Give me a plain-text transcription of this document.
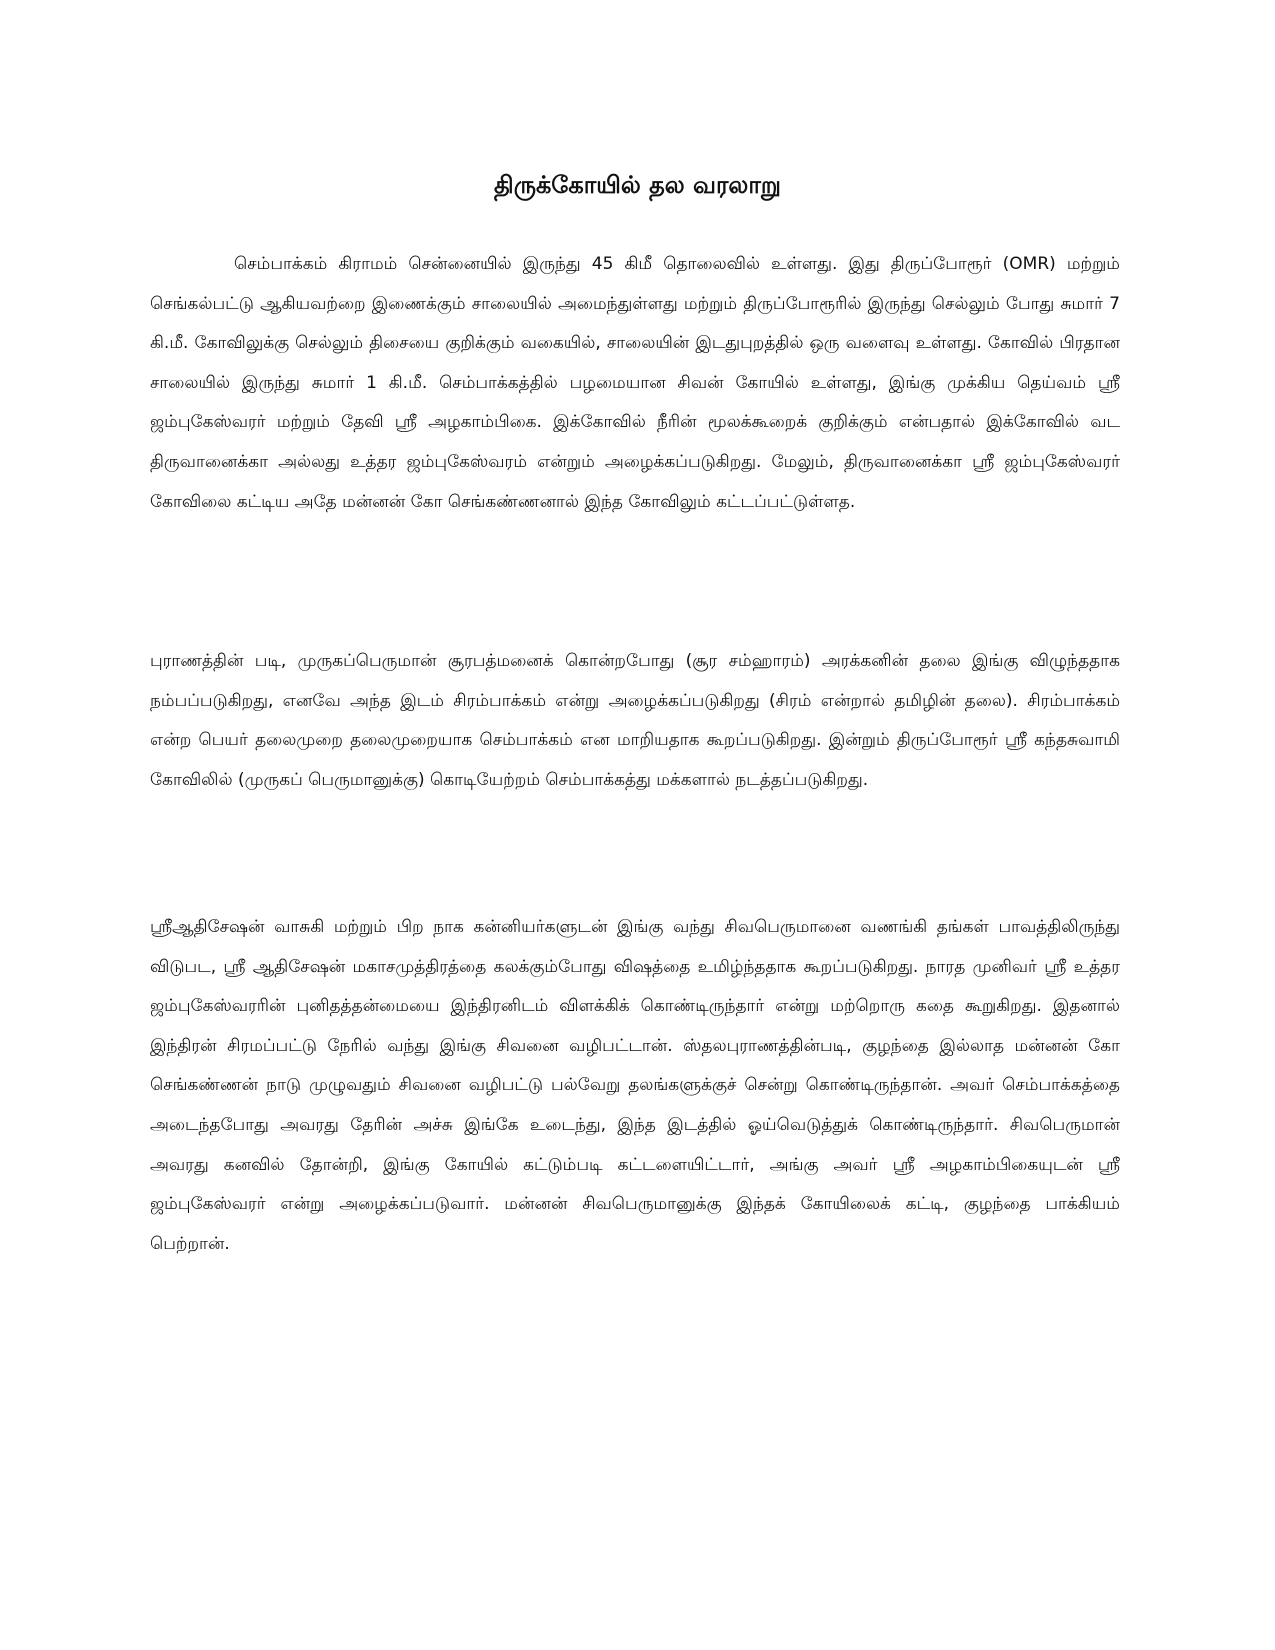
திருக்கோயில் தல வரலாறு

செம்பாக்கம் கிராமம் சென்னையில் இருந்து 45 கிமீ தொலைவில் உள்ளது. இது திருப்போரூர் (OMR) மற்றும் செங்கல்பட்டு ஆகியவற்றை இணைக்கும் சாலையில் அமைந்துள்ளது மற்றும் திருப்போரூரில் இருந்து செல்லும் போது சுமார் 7 கி.மீ. கோவிலுக்கு செல்லும் திசையை குறிக்கும் வகையில், சாலையின் இடதுபுறத்தில் ஒரு வளைவு உள்ளது. கோவில் பிரதான சாலையில் இருந்து சுமார் 1 கி.மீ. செம்பாக்கத்தில் பழமையான சிவன் கோயில் உள்ளது, இங்கு முக்கிய தெய்வம் ஸ்ரீ ஜம்புகேஸ்வரர் மற்றும் தேவி ஸ்ரீ அழகாம்பிகை. இக்கோவில் நீரின் மூலக்கூறைக் குறிக்கும் என்பதால் இக்கோவில் வட திருவானைக்கா அல்லது உத்தர ஜம்புகேஸ்வரம் என்றும் அழைக்கப்படுகிறது. மேலும், திருவானைக்கா ஸ்ரீ ஜம்புகேஸ்வரர் கோவிலை கட்டிய அதே மன்னன் கோ செங்கண்ணனால் இந்த கோவிலும் கட்டப்பட்டுள்ளத.

புராணத்தின் படி, முருகப்பெருமான் சூரபத்மனைக் கொன்றபோது (சூர சம்ஹாரம்) அரக்கனின் தலை இங்கு விழுந்ததாக நம்பப்படுகிறது, எனவே அந்த இடம் சிரம்பாக்கம் என்று அழைக்கப்படுகிறது (சிரம் என்றால் தமிழின் தலை). சிரம்பாக்கம் என்ற பெயர் தலைமுறை தலைமுறையாக செம்பாக்கம் என மாறியதாக கூறப்படுகிறது. இன்றும் திருப்போரூர் ஸ்ரீ கந்தசுவாமி கோவிலில் (முருகப் பெருமானுக்கு) கொடியேற்றம் செம்பாக்கத்து மக்களால் நடத்தப்படுகிறது.

ஸ்ரீஆதிசேஷன் வாசுகி மற்றும் பிற நாக கன்னியர்களுடன் இங்கு வந்து சிவபெருமானை வணங்கி தங்கள் பாவத்திலிருந்து விடுபட, ஸ்ரீ ஆதிசேஷன் மகாசமுத்திரத்தை கலக்கும்போது விஷத்தை உமிழ்ந்ததாக கூறப்படுகிறது. நாரத முனிவர் ஸ்ரீ உத்தர ஜம்புகேஸ்வரரின் புனிதத்தன்மையை இந்திரனிடம் விளக்கிக் கொண்டிருந்தார் என்று மற்றொரு கதை கூறுகிறது. இதனால் இந்திரன் சிரமப்பட்டு நேரில் வந்து இங்கு சிவனை வழிபட்டான். ஸ்தலபுராணத்தின்படி, குழந்தை இல்லாத மன்னன் கோ செங்கண்ணன் நாடு முழுவதும் சிவனை வழிபட்டு பல்வேறு தலங்களுக்குச் சென்று கொண்டிருந்தான். அவர் செம்பாக்கத்தை அடைந்தபோது அவரது தேரின் அச்சு இங்கே உடைந்து, இந்த இடத்தில் ஓய்வெடுத்துக் கொண்டிருந்தார். சிவபெருமான் அவரது கனவில் தோன்றி, இங்கு கோயில் கட்டும்படி கட்டளையிட்டார், அங்கு அவர் ஸ்ரீ அழகாம்பிகையுடன் ஸ்ரீ ஜம்புகேஸ்வரர் என்று அழைக்கப்படுவார். மன்னன் சிவபெருமானுக்கு இந்தக் கோயிலைக் கட்டி, குழந்தை பாக்கியம் பெற்றான்.
